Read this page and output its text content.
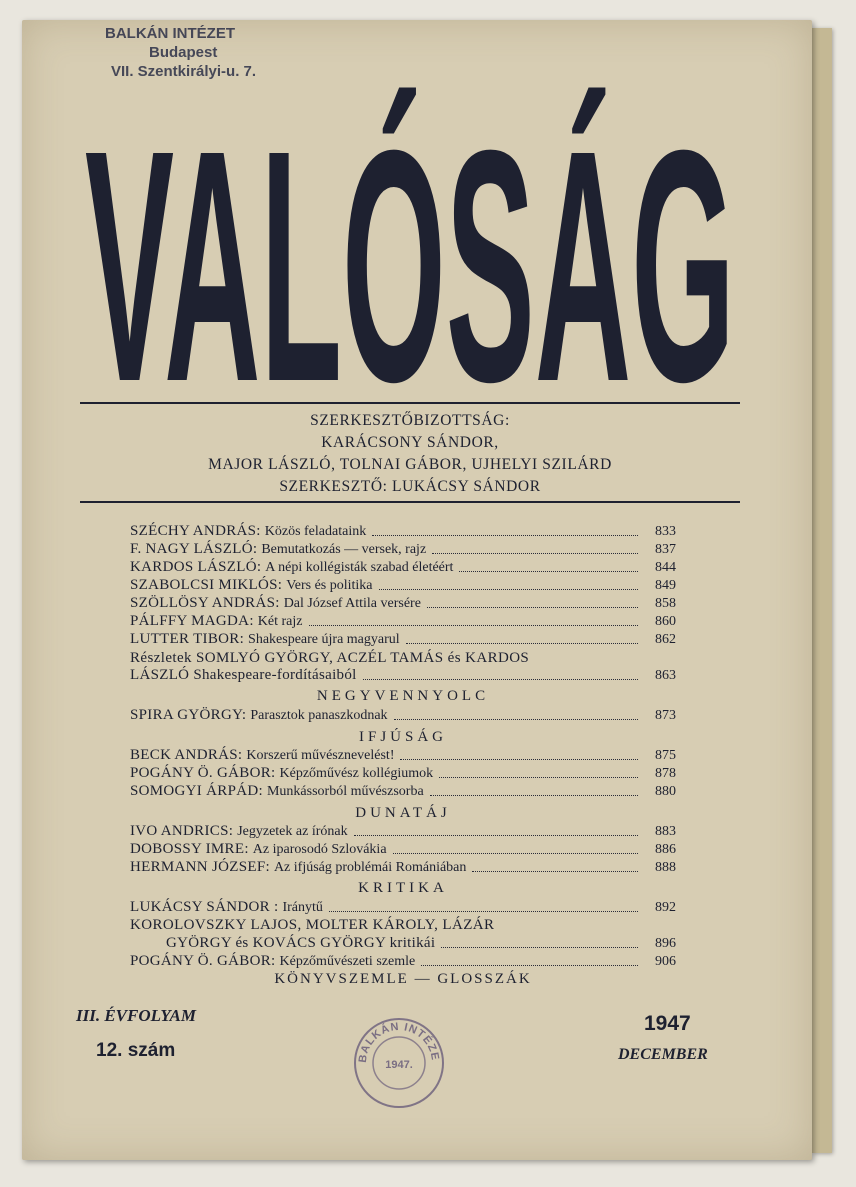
BALKÁN INTÉZET
Budapest
VII. Szentkirályi-u. 7.
VALÓSÁG
SZERKESZTŐBIZOTTSÁG:
KARÁCSONY SÁNDOR,
MAJOR LÁSZLÓ, TOLNAI GÁBOR, UJHELYI SZILÁRD
SZERKESZTŐ: LUKÁCSY SÁNDOR
SZÉCHY ANDRÁS: Közös feladataink	833
F. NAGY LÁSZLÓ: Bemutatkozás — versek, rajz	837
KARDOS LÁSZLÓ: A népi kollégisták szabad életéért	844
SZABOLCSI MIKLÓS: Vers és politika	849
SZÖLLÖSY ANDRÁS: Dal József Attila versére	858
PÁLFFY MAGDA: Két rajz	860
LUTTER TIBOR: Shakespeare újra magyarul	862
Részletek SOMLYÓ GYÖRGY, ACZÉL TAMÁS és KARDOS
LÁSZLÓ Shakespeare-fordításaiból	863
NEGYVENNYOLC
SPIRA GYÖRGY: Parasztok panaszkodnak	873
IFJÚSÁG
BECK ANDRÁS: Korszerű művésznevelést!	875
POGÁNY Ö. GÁBOR: Képzőművész kollégiumok	878
SOMOGYI ÁRPÁD: Munkássorból művészsorba	880
DUNATÁJ
IVO ANDRICS: Jegyzetek az írónak	883
DOBOSSY IMRE: Az iparosodó Szlovákia	886
HERMANN JÓZSEF: Az ifjúság problémái Romániában	888
KRITIKA
LUKÁCSY SÁNDOR : Iránytű	892
KOROLOVSZKY LAJOS, MOLTER KÁROLY, LÁZÁR
GYÖRGY és KOVÁCS GYÖRGY kritikái	896
POGÁNY Ö. GÁBOR: Képzőművészeti szemle	906
KÖNYVSZEMLE — GLOSSZÁK
III. ÉVFOLYAM
12. szám
1947
DECEMBER
BALKÁN INTÉZE
1947.
